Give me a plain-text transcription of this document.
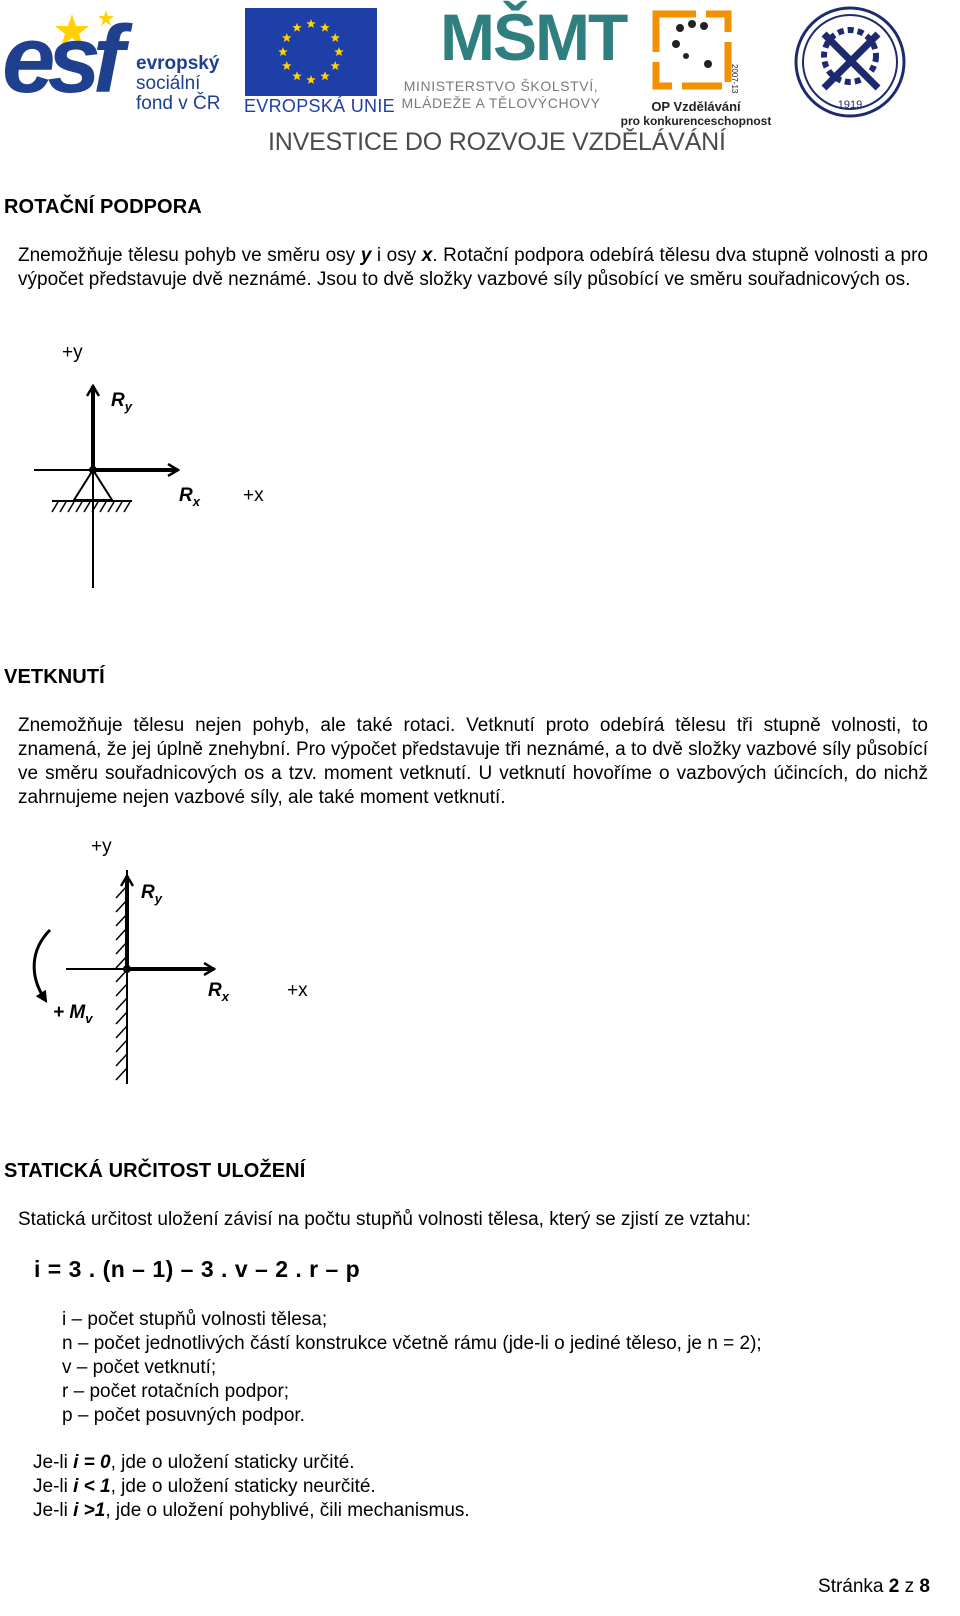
esf evropský
sociální
fond v ČR EVROPSKÁ UNIE
MŠMT
MINISTERSTVO ŠKOLSTVÍ,
MLÁDEŽE A TĚLOVÝCHOVY
2007-13
OP Vzdělávání
pro konkurenceschopnost
1919
INVESTICE DO ROZVOJE VZDĚLÁVÁNÍ
ROTAČNÍ PODPORA
Znemožňuje tělesu pohyb ve směru osy y i osy x. Rotační podpora odebírá tělesu dva stupně volnosti a pro výpočet představuje dvě neznámé. Jsou to dvě složky vazbové síly působící ve směru souřadnicových os.
+y
$R_y$
$R_x +x$
VETKNUTÍ
Znemožňuje tělesu nejen pohyb, ale také rotaci. Vetknutí proto odebírá tělesu tři stupně volnosti, to znamená, že jej úplně znehybní. Pro výpočet představuje tři neznámé, a to dvě složky vazbové síly působící ve směru souřadnicových os a tzv. moment vetknutí. U vetknutí hovoříme o vazbových účincích, do nichž zahrnujeme nejen vazbové síly, ale také moment vetknutí.
+y
$R_y$
$R_x$	+x
+ $M_v$
STATICKÁ URČITOST ULOŽENÍ
Statická určitost uložení závisí na počtu stupňů volnosti tělesa, který se zjistí ze vztahu:
i = 3 . (n – 1) – 3 . v – 2 . r – p
i – počet stupňů volnosti tělesa;
n – počet jednotlivých částí konstrukce včetně rámu (jde-li o jediné těleso, je n = 2);
v – počet vetknutí;
r – počet rotačních podpor;
p – počet posuvných podpor.
Je-li i = 0, jde o uložení staticky určité.
Je-li i < 1, jde o uložení staticky neurčité.
Je-li i >1, jde o uložení pohyblivé, čili mechanismus.
Stránka 2 z 8
